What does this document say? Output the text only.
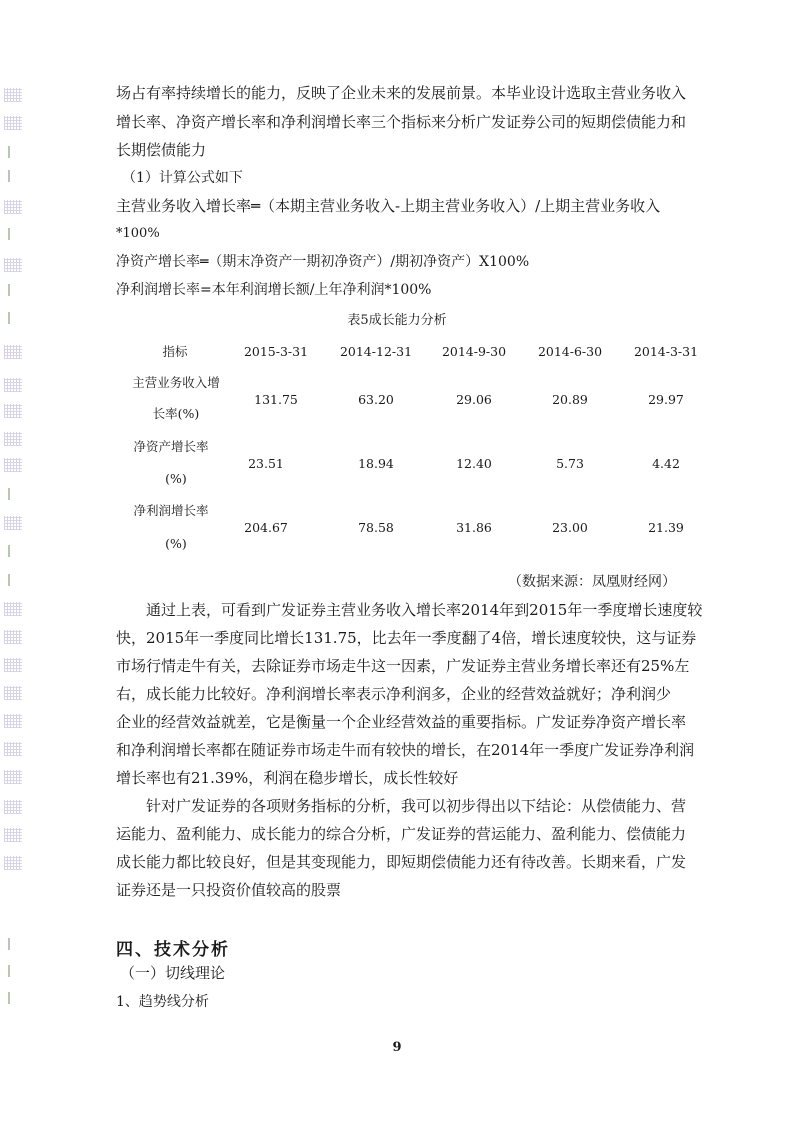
场占有率持续增长的能力，反映了企业未来的发展前景。本毕业设计选取主营业务收入
增长率、净资产增长率和净利润增长率三个指标来分析广发证券公司的短期偿债能力和
长期偿债能力
（1）计算公式如下
主营业务收入增长率═（本期主营业务收入-上期主营业务收入）/上期主营业务收入
*100%
净资产增长率═（期末净资产一期初净资产）/期初净资产）X100%
净利润增长率=本年利润增长额/上年净利润*100%
表5成长能力分析
指标	2015-3-31	2014-12-31	2014-9-30	2014-6-30	2014-3-31
主营业务收入增
长率(%)
131.75	63.20	29.06	20.89	29.97
净资产增长率
(%)
23.51	18.94	12.40	5.73	4.42
净利润增长率
(%)
204.67	78.58	31.86	23.00	21.39
（数据来源：凤凰财经网）
通过上表，可看到广发证券主营业务收入增长率2014年到2015年一季度增长速度较
快，2015年一季度同比增长131.75，比去年一季度翻了4倍，增长速度较快，这与证券
市场行情走牛有关，去除证券市场走牛这一因素，广发证券主营业务增长率还有25%左
右，成长能力比较好。净利润增长率表示净利润多，企业的经营效益就好；净利润少
企业的经营效益就差，它是衡量一个企业经营效益的重要指标。广发证券净资产增长率
和净利润增长率都在随证券市场走牛而有较快的增长，在2014年一季度广发证券净利润
增长率也有21.39%，利润在稳步增长，成长性较好
针对广发证券的各项财务指标的分析，我可以初步得出以下结论：从偿债能力、营
运能力、盈利能力、成长能力的综合分析，广发证券的营运能力、盈利能力、偿债能力
成长能力都比较良好，但是其变现能力，即短期偿债能力还有待改善。长期来看，广发
证券还是一只投资价值较高的股票
四、技术分析
（一）切线理论
1、趋势线分析
9
